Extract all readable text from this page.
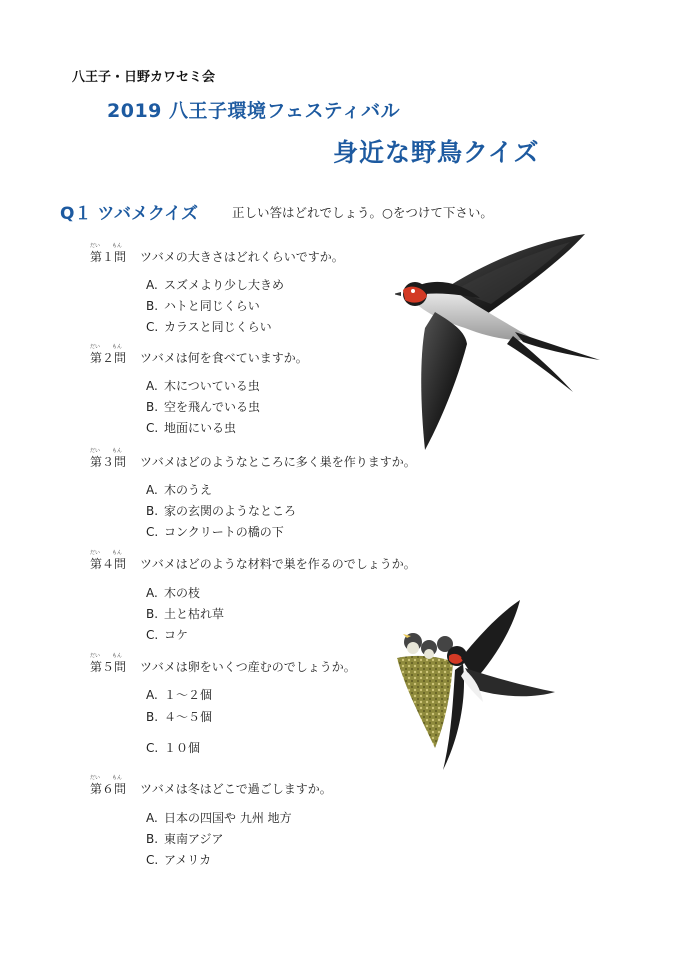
八王子・日野カワセミ会
2019 八王子環境フェスティバル
身近な野鳥クイズ
Q１ ツバメクイズ	正しい答はどれでしょう。○をつけて下さい。
だい もん
第１問 ツバメの大きさはどれくらいですか。
A. スズメより少し大きめ
B. ハトと同じくらい
C. カラスと同じくらい
だい もん
第２問 ツバメは何を食べていますか。
A. 木についている虫
B. 空を飛んでいる虫
C. 地面にいる虫
だい もん
第３問 ツバメはどのようなところに多く巣を作りますか。
A. 木のうえ
B. 家の玄関のようなところ
C. コンクリートの橋の下
だい もん
第４問 ツバメはどのような材料で巣を作るのでしょうか。
A. 木の枝
B. 土と枯れ草
C. コケ
だい もん
第５問 ツバメは卵をいくつ産むのでしょうか。
A. １～２個
B. ４～５個
C. １０個
だい もん
第６問 ツバメは冬はどこで過ごしますか。
A. 日本の四国や 九州 地方
B. 東南アジア
C. アメリカ
